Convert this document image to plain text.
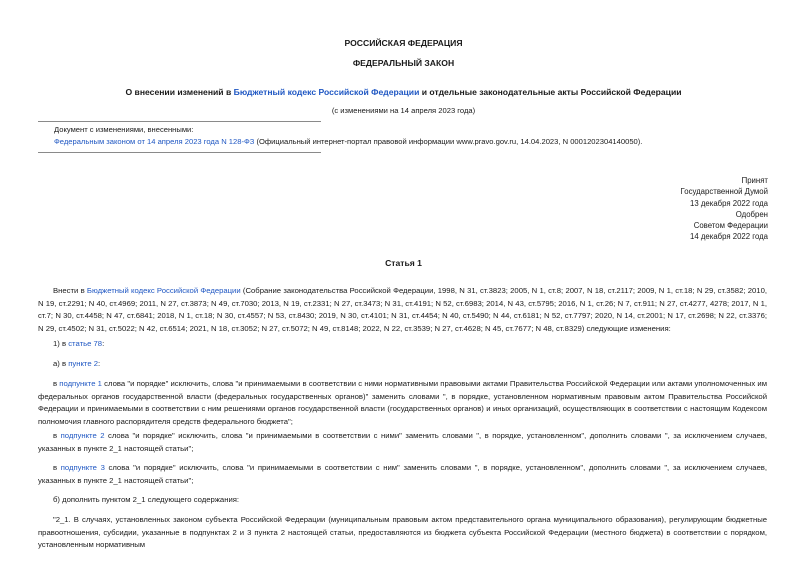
РОССИЙСКАЯ ФЕДЕРАЦИЯ
ФЕДЕРАЛЬНЫЙ ЗАКОН
О внесении изменений в Бюджетный кодекс Российской Федерации и отдельные законодательные акты Российской Федерации
(с изменениями на 14 апреля 2023 года)
Документ с изменениями, внесенными:
Федеральным законом от 14 апреля 2023 года N 128-ФЗ (Официальный интернет-портал правовой информации www.pravo.gov.ru, 14.04.2023, N 0001202304140050).
Принят
Государственной Думой
13 декабря 2022 года
Одобрен
Советом Федерации
14 декабря 2022 года
Статья 1
Внести в Бюджетный кодекс Российской Федерации (Собрание законодательства Российской Федерации, 1998, N 31, ст.3823; 2005, N 1, ст.8; 2007, N 18, ст.2117; 2009, N 1, ст.18; N 29, ст.3582; 2010, N 19, ст.2291; N 40, ст.4969; 2011, N 27, ст.3873; N 49, ст.7030; 2013, N 19, ст.2331; N 27, ст.3473; N 31, ст.4191; N 52, ст.6983; 2014, N 43, ст.5795; 2016, N 1, ст.26; N 7, ст.911; N 27, ст.4277, 4278; 2017, N 1, ст.7; N 30, ст.4458; N 47, ст.6841; 2018, N 1, ст.18; N 30, ст.4557; N 53, ст.8430; 2019, N 30, ст.4101; N 31, ст.4454; N 40, ст.5490; N 44, ст.6181; N 52, ст.7797; 2020, N 14, ст.2001; N 17, ст.2698; N 22, ст.3376; N 29, ст.4502; N 31, ст.5022; N 42, ст.6514; 2021, N 18, ст.3052; N 27, ст.5072; N 49, ст.8148; 2022, N 22, ст.3539; N 27, ст.4628; N 45, ст.7677; N 48, ст.8329) следующие изменения:
1) в статье 78:
а) в пункте 2:
в подпункте 1 слова "и порядке" исключить, слова "и принимаемыми в соответствии с ними нормативными правовыми актами Правительства Российской Федерации или актами уполномоченных им федеральных органов государственной власти (федеральных государственных органов)" заменить словами ", в порядке, установленном нормативным правовым актом Правительства Российской Федерации и принимаемыми в соответствии с ним решениями органов государственной власти (государственных органов) и иных организаций, осуществляющих в соответствии с настоящим Кодексом полномочия главного распорядителя средств федерального бюджета";
в подпункте 2 слова "и порядке" исключить, слова "и принимаемыми в соответствии с ними" заменить словами ", в порядке, установленном", дополнить словами ", за исключением случаев, указанных в пункте 2_1 настоящей статьи";
в подпункте 3 слова "и порядке" исключить, слова "и принимаемыми в соответствии с ним" заменить словами ", в порядке, установленном", дополнить словами ", за исключением случаев, указанных в пункте 2_1 настоящей статьи";
б) дополнить пунктом 2_1 следующего содержания:
"2_1. В случаях, установленных законом субъекта Российской Федерации (муниципальным правовым актом представительного органа муниципального образования), регулирующим бюджетные правоотношения, субсидии, указанные в подпунктах 2 и 3 пункта 2 настоящей статьи, предоставляются из бюджета субъекта Российской Федерации (местного бюджета) в соответствии с порядком, установленным нормативным
